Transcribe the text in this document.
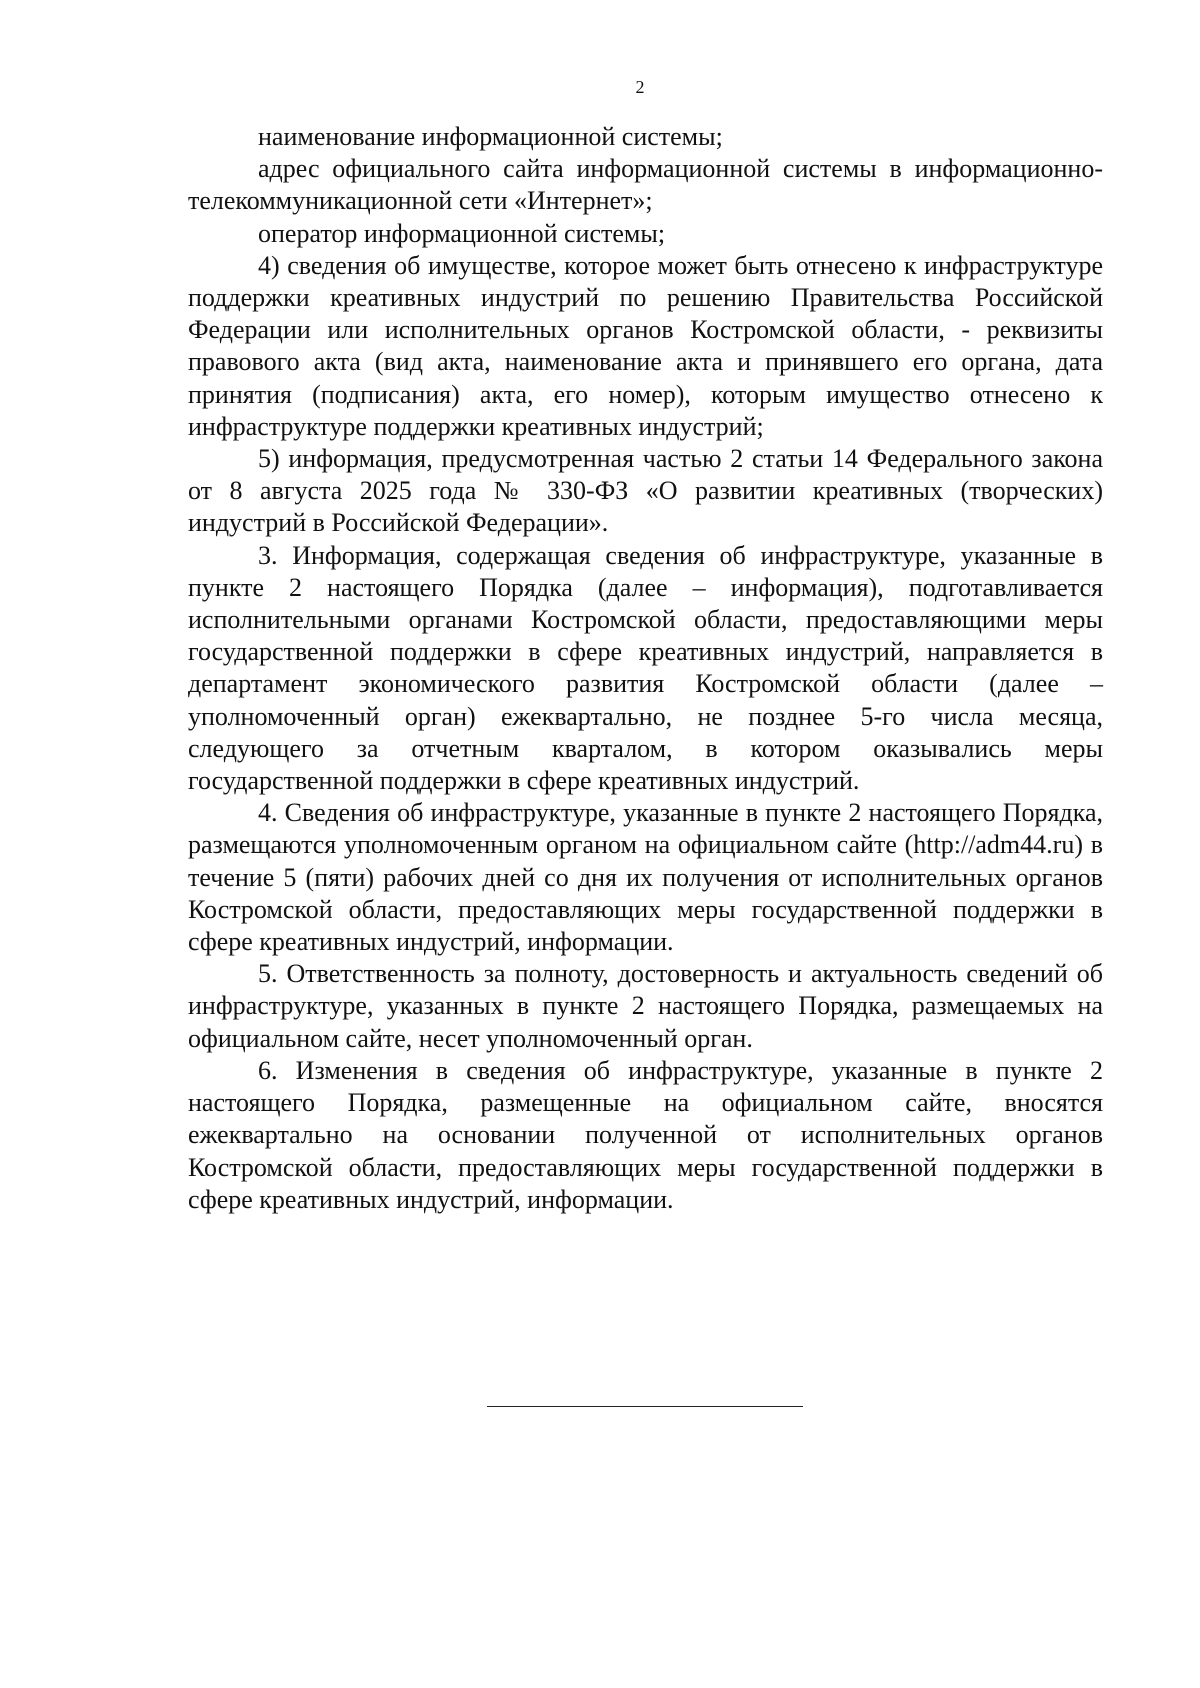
2

наименование информационной системы;

адрес официального сайта информационной системы в информационно-телекоммуникационной сети «Интернет»;

оператор информационной системы;

4) сведения об имуществе, которое может быть отнесено к инфраструктуре поддержки креативных индустрий по решению Правительства Российской Федерации или исполнительных органов Костромской области, - реквизиты правового акта (вид акта, наименование акта и принявшего его органа, дата принятия (подписания) акта, его номер), которым имущество отнесено к инфраструктуре поддержки креативных индустрий;

5) информация, предусмотренная частью 2 статьи 14 Федерального закона от 8 августа 2025 года № 330-ФЗ «О развитии креативных (творческих) индустрий в Российской Федерации».

3. Информация, содержащая сведения об инфраструктуре, указанные в пункте 2 настоящего Порядка (далее – информация), подготавливается исполнительными органами Костромской области, предоставляющими меры государственной поддержки в сфере креативных индустрий, направляется в департамент экономического развития Костромской области (далее – уполномоченный орган) ежеквартально, не позднее 5-го числа месяца, следующего за отчетным кварталом, в котором оказывались меры государственной поддержки в сфере креативных индустрий.

4. Сведения об инфраструктуре, указанные в пункте 2 настоящего Порядка, размещаются уполномоченным органом на официальном сайте (http://adm44.ru) в течение 5 (пяти) рабочих дней со дня их получения от исполнительных органов Костромской области, предоставляющих меры государственной поддержки в сфере креативных индустрий, информации.

5. Ответственность за полноту, достоверность и актуальность сведений об инфраструктуре, указанных в пункте 2 настоящего Порядка, размещаемых на официальном сайте, несет уполномоченный орган.

6. Изменения в сведения об инфраструктуре, указанные в пункте 2 настоящего Порядка, размещенные на официальном сайте, вносятся ежеквартально на основании полученной от исполнительных органов Костромской области, предоставляющих меры государственной поддержки в сфере креативных индустрий, информации.
